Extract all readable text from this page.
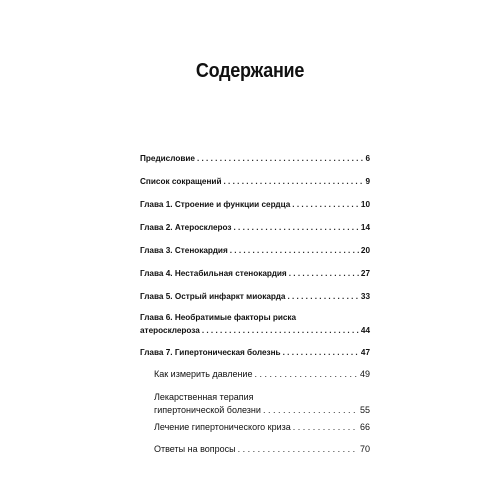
Содержание
Предисловие . . .	6
Список сокращений . . .	9
Глава 1. Строение и функции сердца . . .	10
Глава 2. Атеросклероз . . .	14
Глава 3. Стенокардия . . .	20
Глава 4. Нестабильная стенокардия . . .	27
Глава 5. Острый инфаркт миокарда . . .	33
Глава 6. Необратимые факторы риска
атеросклероза . . .	44
Глава 7. Гипертоническая болезнь . . .	47
Как измерить давление . . .	49
Лекарственная терапия
гипертонической болезни . . .	55
Лечение гипертонического криза . . .	66
Ответы на вопросы . . .	70
